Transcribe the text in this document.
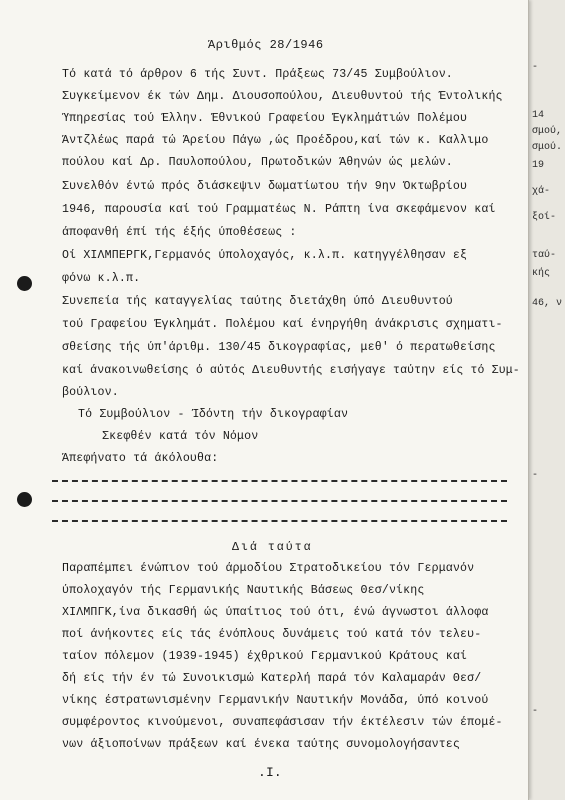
-
14
σμού,
σμού.
19
χά-
ξοί-
ταύ-
κής
46, ν
-
-
Άριθμός 28/1946
Τό κατά τό άρθρον 6 τής Συντ. Πράξεως 73/45 Συμβούλιον.
Συγκείμενον έκ τών Δημ. Διουσοπούλου, Διευθυντού τής Έντολικής
Ύπηρεσίας τού Έλλην. Έθνικού Γραφείου Έγκλημάτιών Πολέμου
Άντζλέως παρά τώ Άρείου Πάγω ,ώς Προέδρου,καί τών κ. Καλλιμο
πούλου καί Δρ. Παυλοπούλου, Πρωτοδικών Άθηνών ώς μελών.
Συνελθόν έντώ πρός διάσκεψιν δωματίωτου τήν 9ην Όκτωβρίου
1946, παρουσία καί τού Γραμματέως Ν. Ράπτη ίνα σκεφάμενον καί
άποφανθή έπί τής έξής ύποθέσεως :
Οί ΧΙΛΜΠΕΡΓΚ,Γερμανός ύπολοχαγός, κ.λ.π. κατηγγέλθησαν εξ
φόνω κ.λ.π.
Συνεπεία τής καταγγελίας ταύτης διετάχθη ύπό Διευθυντού
τού Γραφείου Έγκλημάτ. Πολέμου καί ένηργήθη άνάκρισις σχηματι-
σθείσης τής ύπ'άριθμ. 130/45 δικογραφίας, μεθ' ό περατωθείσης
καί άνακοινωθείσης ό αύτός Διευθυντής εισήγαγε ταύτην είς τό Συμ-
βούλιον.
Τό Συμβούλιον - Ίδόντη τήν δικογραφίαν
Σκεφθέν κατά τόν Νόμον
Άπεφήνατο τά άκόλουθα:
Διά ταύτα
Παραπέμπει ένώπιον τού άρμοδίου Στρατοδικείου τόν Γερμανόν
ύπολοχαγόν τής Γερμανικής Ναυτικής Βάσεως Θεσ/νίκης
ΧΙΛΜΠΓΚ,ίνα δικασθή ώς ύπαίτιος τού ότι, ένώ άγνωστοι άλλοφα
ποί άνήκοντες είς τάς ένόπλους δυνάμεις τού κατά τόν τελευ-
ταίον πόλεμον (1939-1945) έχθρικού Γερμανικού Κράτους καί
δή είς τήν έν τώ Συνοικισμώ Κατερλή παρά τόν Καλαμαράν Θεσ/
νίκης έστρατωνισμένην Γερμανικήν Ναυτικήν Μονάδα, ύπό κοινού
συμφέροντος κινούμενοι, συναπεφάσισαν τήν έκτέλεσιν τών έπομέ-
νων άξιοποίνων πράξεων καί ένεκα ταύτης συνομολογήσαντες
.Ι.
